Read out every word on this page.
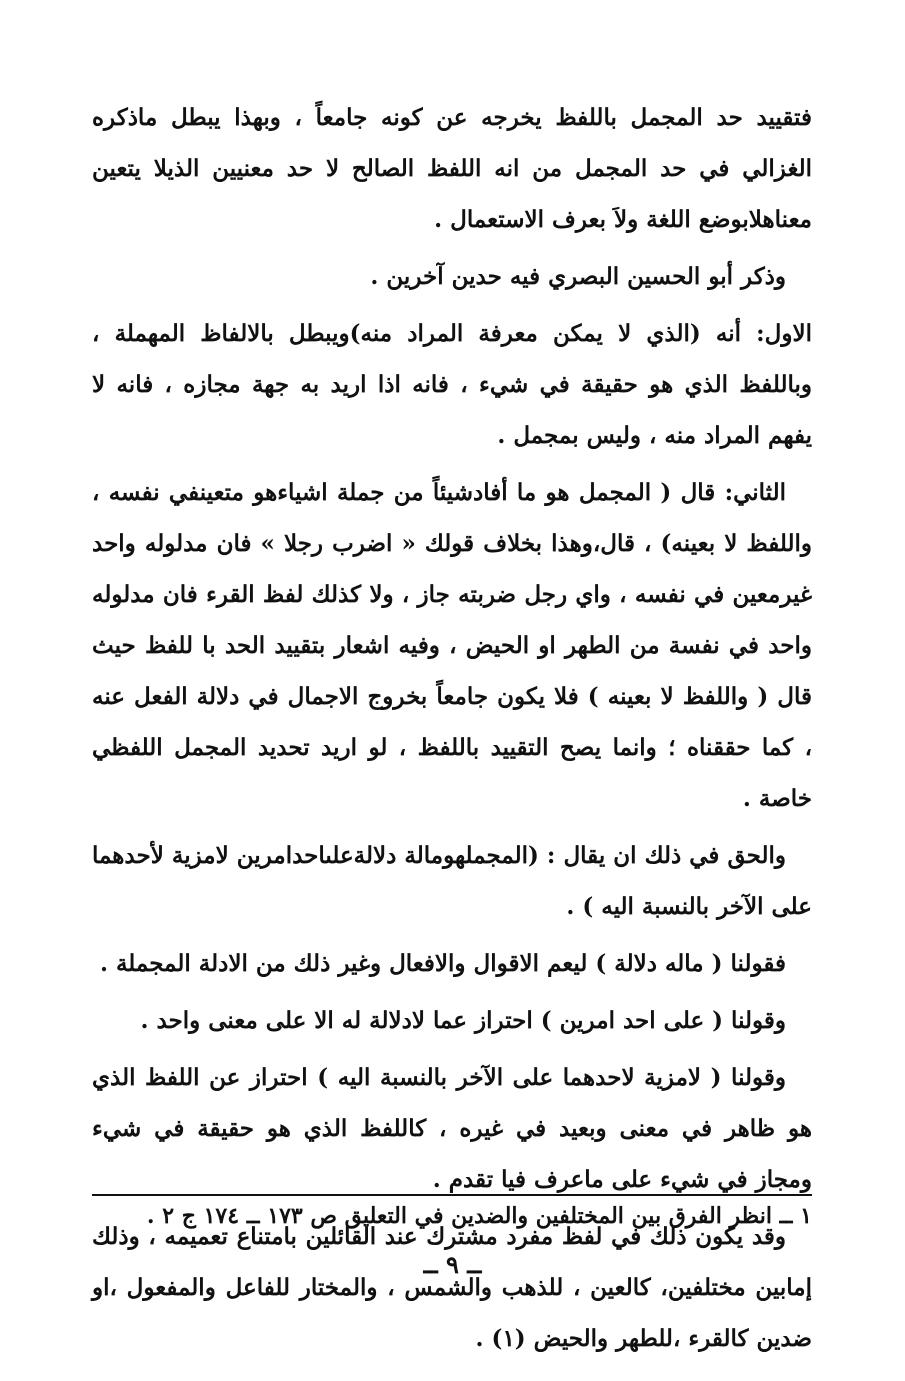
فتقييد حد المجمل باللفظ يخرجه عن كونه جامعاً ، وبهذا يبطل ماذكره الغزالي في حد المجمل من انه اللفظ الصالح لا حد معنيين الذيلا يتعين معناهلابوضع اللغة ولاَ بعرف الاستعمال .

وذكر أبو الحسين البصري فيه حدين آخرين .

الاول: أنه (الذي لا يمكن معرفة المراد منه)ويبطل بالالفاظ المهملة ، وباللفظ الذي هو حقيقة في شيء ، فانه اذا اريد به جهة مجازه ، فانه لا يفهم المراد منه ، وليس بمجمل .

الثاني: قال ( المجمل هو ما أفادشيئاً من جملة اشياءهو متعينفي نفسه ، واللفظ لا بعينه) ، قال،وهذا بخلاف قولك « اضرب رجلا » فان مدلوله واحد غيرمعين في نفسه ، واي رجل ضربته جاز ، ولا كذلك لفظ القرء فان مدلوله واحد في نفسة من الطهر او الحيض ، وفيه اشعار بتقييد الحد با للفظ حيث قال ( واللفظ لا بعينه ) فلا يكون جامعاً بخروج الاجمال في دلالة الفعل عنه ، كما حققناه ؛ وانما يصح التقييد باللفظ ، لو اريد تحديد المجمل اللفظي خاصة .

والحق في ذلك ان يقال : (المجملهومالة دلالةعلىاحدامرين لامزية لأحدهما على الآخر بالنسبة اليه ) .

فقولنا ( ماله دلالة ) ليعم الاقوال والافعال وغير ذلك من الادلة المجملة .

وقولنا ( على احد امرين ) احتراز عما لادلالة له الا على معنى واحد .

وقولنا ( لامزية لاحدهما على الآخر بالنسبة اليه ) احتراز عن اللفظ الذي هو ظاهر في معنى وبعيد في غيره ، كاللفظ الذي هو حقيقة في شيء ومجاز في شيء على ماعرف فيا تقدم .

وقد يكون ذلك في لفظ مفرد مشترك عند القائلين بامتناع تعميمه ، وذلك إمابين مختلفين، كالعين ، للذهب والشمس ، والمختار للفاعل والمفعول ،او ضدين كالقرء ،للطهر والحيض (١) .

١ ــ انظر الفرق بين المختلفين والضدين في التعليق ص ١٧٣ ــ ١٧٤ ج ٢ .
ــ ٩ ــ
